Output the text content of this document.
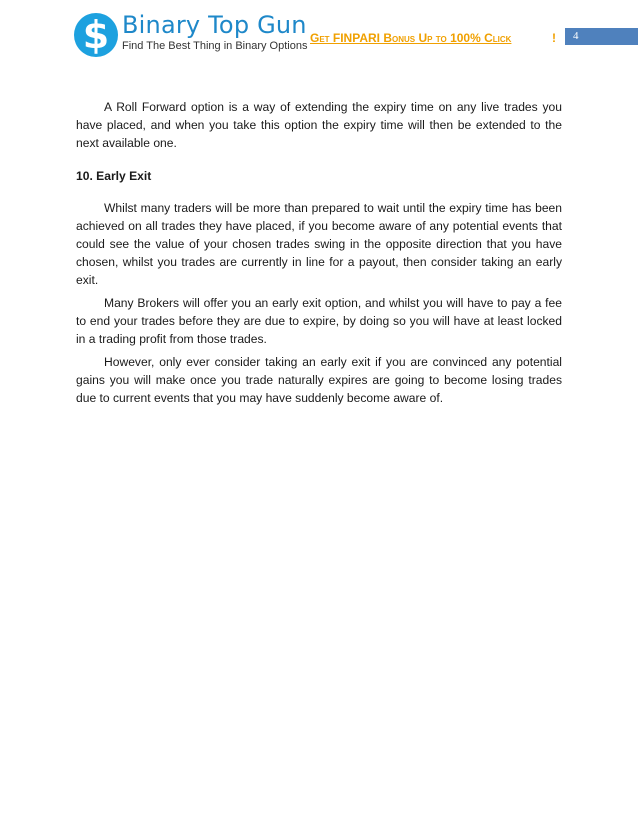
$ Binary Top Gun
Find The Best Thing in Binary Options
Get FINPARI Bonus Up to 100% Click	!	4

A Roll Forward option is a way of extending the expiry time on any live trades you have placed, and when you take this option the expiry time will then be extended to the next available one.

10. Early Exit

Whilst many traders will be more than prepared to wait until the expiry time has been achieved on all trades they have placed, if you become aware of any potential events that could see the value of your chosen trades swing in the opposite direction that you have chosen, whilst you trades are currently in line for a payout, then consider taking an early exit.

Many Brokers will offer you an early exit option, and whilst you will have to pay a fee to end your trades before they are due to expire, by doing so you will have at least locked in a trading profit from those trades.

However, only ever consider taking an early exit if you are convinced any potential gains you will make once you trade naturally expires are going to become losing trades due to current events that you may have suddenly become aware of.
